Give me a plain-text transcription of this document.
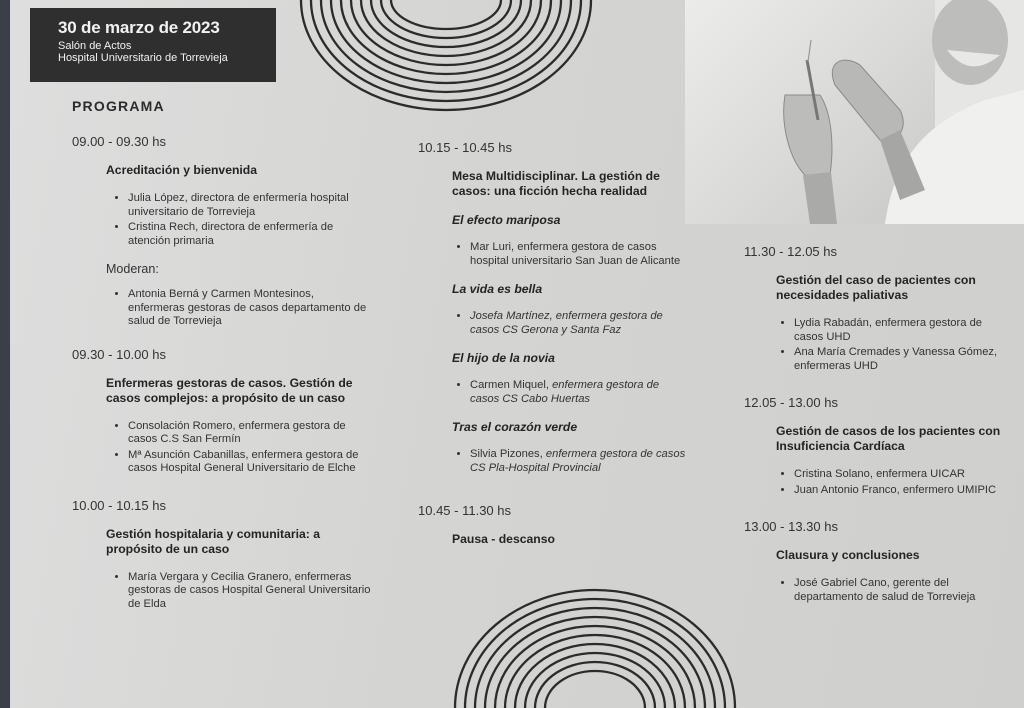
30 de marzo de 2023
Salón de Actos
Hospital Universitario de Torrevieja
PROGRAMA
09.00 - 09.30 hs
Acreditación y bienvenida
• Julia López, directora de enfermería hospital universitario de Torrevieja
• Cristina Rech, directora de enfermería de atención primaria
Moderan:
• Antonia Berná y Carmen Montesinos, enfermeras gestoras de casos departamento de salud de Torrevieja
09.30 - 10.00 hs
Enfermeras gestoras de casos. Gestión de casos complejos: a propósito de un caso
• Consolación Romero, enfermera gestora de casos C.S San Fermín
• Mª Asunción Cabanillas, enfermera gestora de casos Hospital General Universitario de Elche
10.00 - 10.15 hs
Gestión hospitalaria y comunitaria: a propósito de un caso
• María Vergara y Cecilia Granero, enfermeras gestoras de casos Hospital General Universitario de Elda
10.15 - 10.45 hs
Mesa Multidisciplinar. La gestión de casos: una ficción hecha realidad
El efecto mariposa
• Mar Luri, enfermera gestora de casos hospital universitario San Juan de Alicante
La vida es bella
• Josefa Martínez, enfermera gestora de casos CS Gerona y Santa Faz
El hijo de la novia
• Carmen Miquel, enfermera gestora de casos CS Cabo Huertas
Tras el corazón verde
• Silvia Pizones, enfermera gestora de casos CS Pla-Hospital Provincial
10.45 - 11.30 hs
Pausa - descanso
11.30 - 12.05 hs
Gestión del caso de pacientes con necesidades paliativas
• Lydia Rabadán, enfermera gestora de casos UHD
• Ana María Cremades y Vanessa Gómez, enfermeras UHD
12.05 - 13.00 hs
Gestión de casos de los pacientes con Insuficiencia Cardíaca
• Cristina Solano, enfermera UICAR
• Juan Antonio Franco, enfermero UMIPIC
13.00 - 13.30 hs
Clausura y conclusiones
• José Gabriel Cano, gerente del departamento de salud de Torrevieja
